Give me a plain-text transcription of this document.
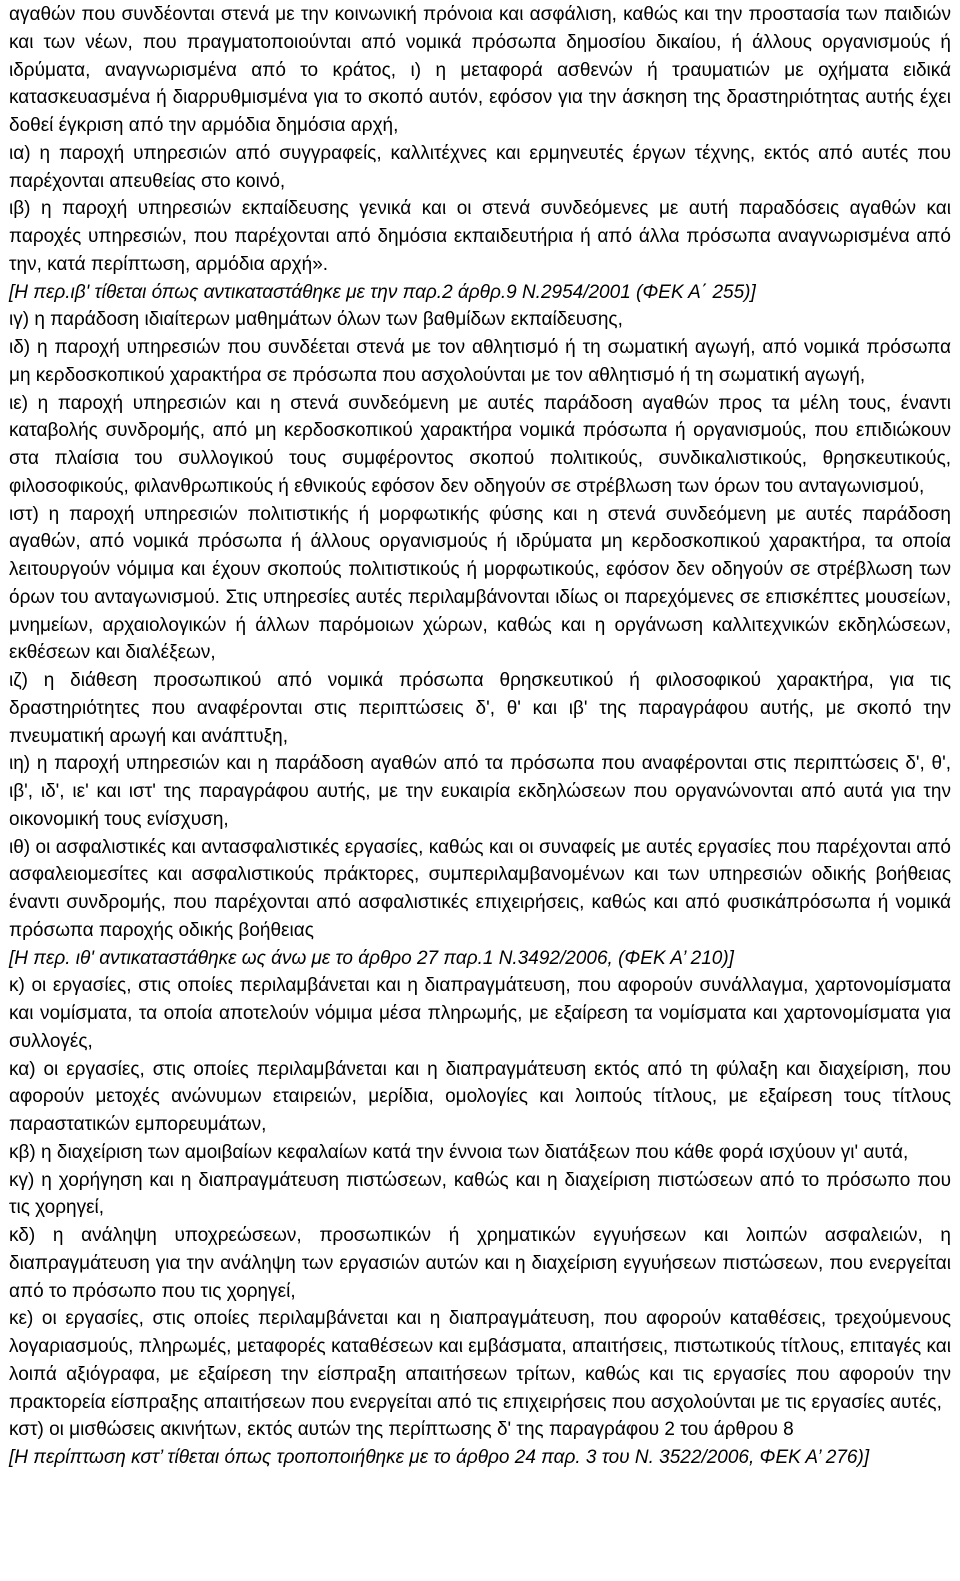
αγαθών που συνδέονται στενά με την κοινωνική πρόνοια και ασφάλιση, καθώς και την προστασία των παιδιών και των νέων, που πραγματοποιούνται από νομικά πρόσωπα δημοσίου δικαίου, ή άλλους οργανισμούς ή ιδρύματα, αναγνωρισμένα από το κράτος, ι) η μεταφορά ασθενών ή τραυματιών με οχήματα ειδικά κατασκευασμένα ή διαρρυθμισμένα για το σκοπό αυτόν, εφόσον για την άσκηση της δραστηριότητας αυτής έχει δοθεί έγκριση από την αρμόδια δημόσια αρχή,

ια) η παροχή υπηρεσιών από συγγραφείς, καλλιτέχνες και ερμηνευτές έργων τέχνης, εκτός από αυτές που παρέχονται απευθείας στο κοινό,

ιβ) η παροχή υπηρεσιών εκπαίδευσης γενικά και οι στενά συνδεόμενες με αυτή παραδόσεις αγαθών και παροχές υπηρεσιών, που παρέχονται από δημόσια εκπαιδευτήρια ή από άλλα πρόσωπα αναγνωρισμένα από την, κατά περίπτωση, αρμόδια αρχή».

[Η περ.ιβ' τίθεται όπως αντικαταστάθηκε με την παρ.2 άρθρ.9 Ν.2954/2001 (ΦΕΚ Α΄ 255)]

ιγ) η παράδοση ιδιαίτερων μαθημάτων όλων των βαθμίδων εκπαίδευσης,

ιδ) η παροχή υπηρεσιών που συνδέεται στενά με τον αθλητισμό ή τη σωματική αγωγή, από νομικά πρόσωπα μη κερδοσκοπικού χαρακτήρα σε πρόσωπα που ασχολούνται με τον αθλητισμό ή τη σωματική αγωγή,

ιε) η παροχή υπηρεσιών και η στενά συνδεόμενη με αυτές παράδοση αγαθών προς τα μέλη τους, έναντι καταβολής συνδρομής, από μη κερδοσκοπικού χαρακτήρα νομικά πρόσωπα ή οργανισμούς, που επιδιώκουν στα πλαίσια του συλλογικού τους συμφέροντος σκοπού πολιτικούς, συνδικαλιστικούς, θρησκευτικούς, φιλοσοφικούς, φιλανθρωπικούς ή εθνικούς εφόσον δεν οδηγούν σε στρέβλωση των όρων του ανταγωνισμού,

ιστ) η παροχή υπηρεσιών πολιτιστικής ή μορφωτικής φύσης και η στενά συνδεόμενη με αυτές παράδοση αγαθών, από νομικά πρόσωπα ή άλλους οργανισμούς ή ιδρύματα μη κερδοσκοπικού χαρακτήρα, τα οποία λειτουργούν νόμιμα και έχουν σκοπούς πολιτιστικούς ή μορφωτικούς, εφόσον δεν οδηγούν σε στρέβλωση των όρων του ανταγωνισμού. Στις υπηρεσίες αυτές περιλαμβάνονται ιδίως οι παρεχόμενες σε επισκέπτες μουσείων, μνημείων, αρχαιολογικών ή άλλων παρόμοιων χώρων, καθώς και η οργάνωση καλλιτεχνικών εκδηλώσεων, εκθέσεων και διαλέξεων,

ιζ) η διάθεση προσωπικού από νομικά πρόσωπα θρησκευτικού ή φιλοσοφικού χαρακτήρα, για τις δραστηριότητες που αναφέρονται στις περιπτώσεις δ', θ' και ιβ' της παραγράφου αυτής, με σκοπό την πνευματική αρωγή και ανάπτυξη,

ιη) η παροχή υπηρεσιών και η παράδοση αγαθών από τα πρόσωπα που αναφέρονται στις περιπτώσεις δ', θ', ιβ', ιδ', ιε' και ιστ' της παραγράφου αυτής, με την ευκαιρία εκδηλώσεων που οργανώνονται από αυτά για την οικονομική τους ενίσχυση,

ιθ) οι ασφαλιστικές και αντασφαλιστικές εργασίες, καθώς και οι συναφείς με αυτές εργασίες που παρέχονται από ασφαλειομεσίτες και ασφαλιστικούς πράκτορες, συμπεριλαμβανομένων και των υπηρεσιών οδικής βοήθειας έναντι συνδρομής, που παρέχονται από ασφαλιστικές επιχειρήσεις, καθώς και από φυσικάπρόσωπα ή νομικά πρόσωπα παροχής οδικής βοήθειας

[Η περ. ιθ' αντικαταστάθηκε ως άνω με το άρθρο 27 παρ.1 Ν.3492/2006, (ΦΕΚ Α’ 210)]

κ) οι εργασίες, στις οποίες περιλαμβάνεται και η διαπραγμάτευση, που αφορούν συνάλλαγμα, χαρτονομίσματα και νομίσματα, τα οποία αποτελούν νόμιμα μέσα πληρωμής, με εξαίρεση τα νομίσματα και χαρτονομίσματα για συλλογές,

κα) οι εργασίες, στις οποίες περιλαμβάνεται και η διαπραγμάτευση εκτός από τη φύλαξη και διαχείριση, που αφορούν μετοχές ανώνυμων εταιρειών, μερίδια, ομολογίες και λοιπούς τίτλους, με εξαίρεση τους τίτλους παραστατικών εμπορευμάτων,

κβ) η διαχείριση των αμοιβαίων κεφαλαίων κατά την έννοια των διατάξεων που κάθε φορά ισχύουν γι' αυτά,

κγ) η χορήγηση και η διαπραγμάτευση πιστώσεων, καθώς και η διαχείριση πιστώσεων από το πρόσωπο που τις χορηγεί,

κδ) η ανάληψη υποχρεώσεων, προσωπικών ή χρηματικών εγγυήσεων και λοιπών ασφαλειών, η διαπραγμάτευση για την ανάληψη των εργασιών αυτών και η διαχείριση εγγυήσεων πιστώσεων, που ενεργείται από το πρόσωπο που τις χορηγεί,

κε) οι εργασίες, στις οποίες περιλαμβάνεται και η διαπραγμάτευση, που αφορούν καταθέσεις, τρεχούμενους λογαριασμούς, πληρωμές, μεταφορές καταθέσεων και εμβάσματα, απαιτήσεις, πιστωτικούς τίτλους, επιταγές και λοιπά αξιόγραφα, με εξαίρεση την είσπραξη απαιτήσεων τρίτων, καθώς και τις εργασίες που αφορούν την πρακτορεία είσπραξης απαιτήσεων που ενεργείται από τις επιχειρήσεις που ασχολούνται με τις εργασίες αυτές,

κστ) οι μισθώσεις ακινήτων, εκτός αυτών της περίπτωσης δ' της παραγράφου 2 του άρθρου 8

[Η περίπτωση κστ’ τίθεται όπως τροποποιήθηκε με το άρθρο 24 παρ. 3 του Ν. 3522/2006, ΦΕΚ Α’ 276)]
